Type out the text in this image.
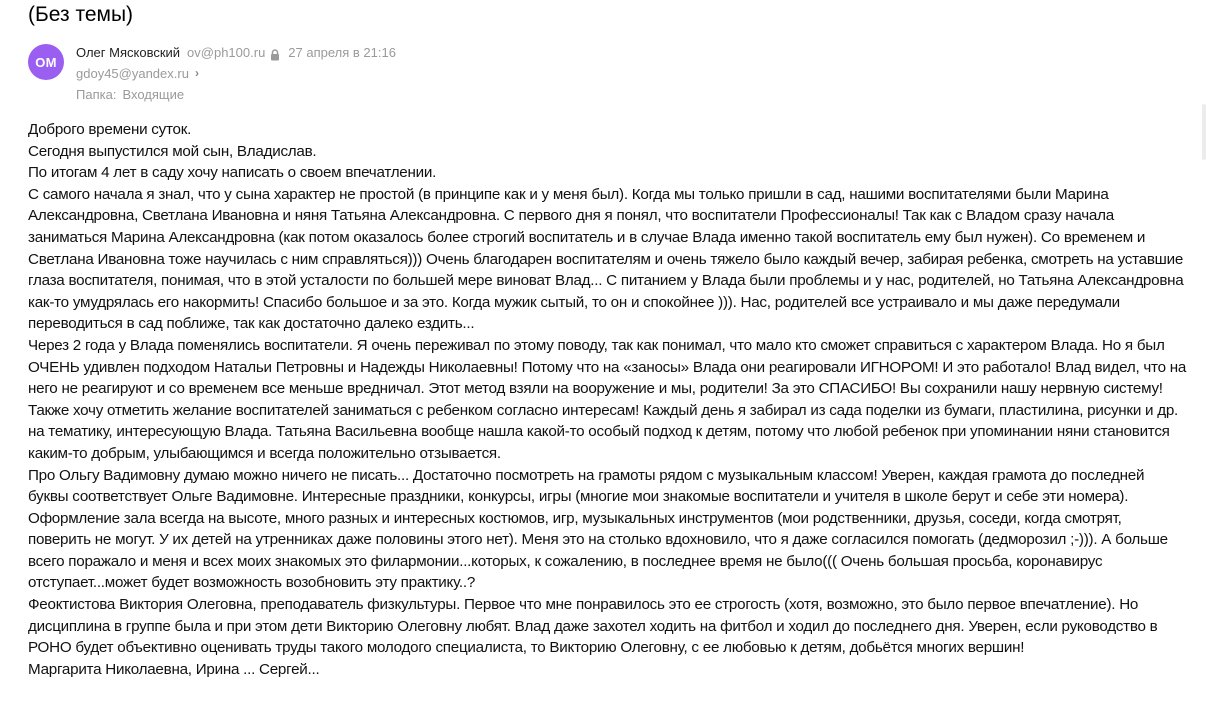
(Без темы)
ОМ
Олег Мясковский ov@ph100.ru 27 апреля в 21:16
gdoy45@yandex.ru ›
Папка: Входящие

Доброго времени суток.

Сегодня выпустился мой сын, Владислав.

По итогам 4 лет в саду хочу написать о своем впечатлении.

С самого начала я знал, что у сына характер не простой (в принципе как и у меня был). Когда мы только пришли в сад, нашими воспитателями были Марина Александровна, Светлана Ивановна и няня Татьяна Александровна. С первого дня я понял, что воспитатели Профессионалы! Так как с Владом сразу начала заниматься Марина Александровна (как потом оказалось более строгий воспитатель и в случае Влада именно такой воспитатель ему был нужен). Со временем и Светлана Ивановна тоже научилась с ним справляться))) Очень благодарен воспитателям и очень тяжело было каждый вечер, забирая ребенка, смотреть на уставшие глаза воспитателя, понимая, что в этой усталости по большей мере виноват Влад... С питанием у Влада были проблемы и у нас, родителей, но Татьяна Александровна как-то умудрялась его накормить! Спасибо большое и за это. Когда мужик сытый, то он и спокойнее ))). Нас, родителей все устраивало и мы даже передумали переводиться в сад поближе, так как достаточно далеко ездить...

Через 2 года у Влада поменялись воспитатели. Я очень переживал по этому поводу, так как понимал, что мало кто сможет справиться с характером Влада. Но я был ОЧЕНЬ удивлен подходом Натальи Петровны и Надежды Николаевны! Потому что на «заносы» Влада они реагировали ИГНОРОМ! И это работало! Влад видел, что на него не реагируют и со временем все меньше вредничал. Этот метод взяли на вооружение и мы, родители! За это СПАСИБО! Вы сохранили нашу нервную систему! Также хочу отметить желание воспитателей заниматься с ребенком согласно интересам! Каждый день я забирал из сада поделки из бумаги, пластилина, рисунки и др. на тематику, интересующую Влада. Татьяна Васильевна вообще нашла какой-то особый подход к детям, потому что любой ребенок при упоминании няни становится каким-то добрым, улыбающимся и всегда положительно отзывается.

Про Ольгу Вадимовну думаю можно ничего не писать... Достаточно посмотреть на грамоты рядом с музыкальным классом! Уверен, каждая грамота до последней буквы соответствует Ольге Вадимовне. Интересные праздники, конкурсы, игры (многие мои знакомые воспитатели и учителя в школе берут и себе эти номера). Оформление зала всегда на высоте, много разных и интересных костюмов, игр, музыкальных инструментов (мои родственники, друзья, соседи, когда смотрят, поверить не могут. У их детей на утренниках даже половины этого нет). Меня это на столько вдохновило, что я даже согласился помогать (дедморозил ;-))). А больше всего поражало и меня и всех моих знакомых это филармонии...которых, к сожалению, в последнее время не было((( Очень большая просьба, коронавирус отступает...может будет возможность возобновить эту практику..?

Феоктистова Виктория Олеговна, преподаватель физкультуры. Первое что мне понравилось это ее строгость (хотя, возможно, это было первое впечатление). Но дисциплина в группе была и при этом дети Викторию Олеговну любят. Влад даже захотел ходить на фитбол и ходил до последнего дня. Уверен, если руководство в РОНО будет объективно оценивать труды такого молодого специалиста, то Викторию Олеговну, с ее любовью к детям, добьётся многих вершин!

Маргарита Николаевна, Ирина ... Сергей...
